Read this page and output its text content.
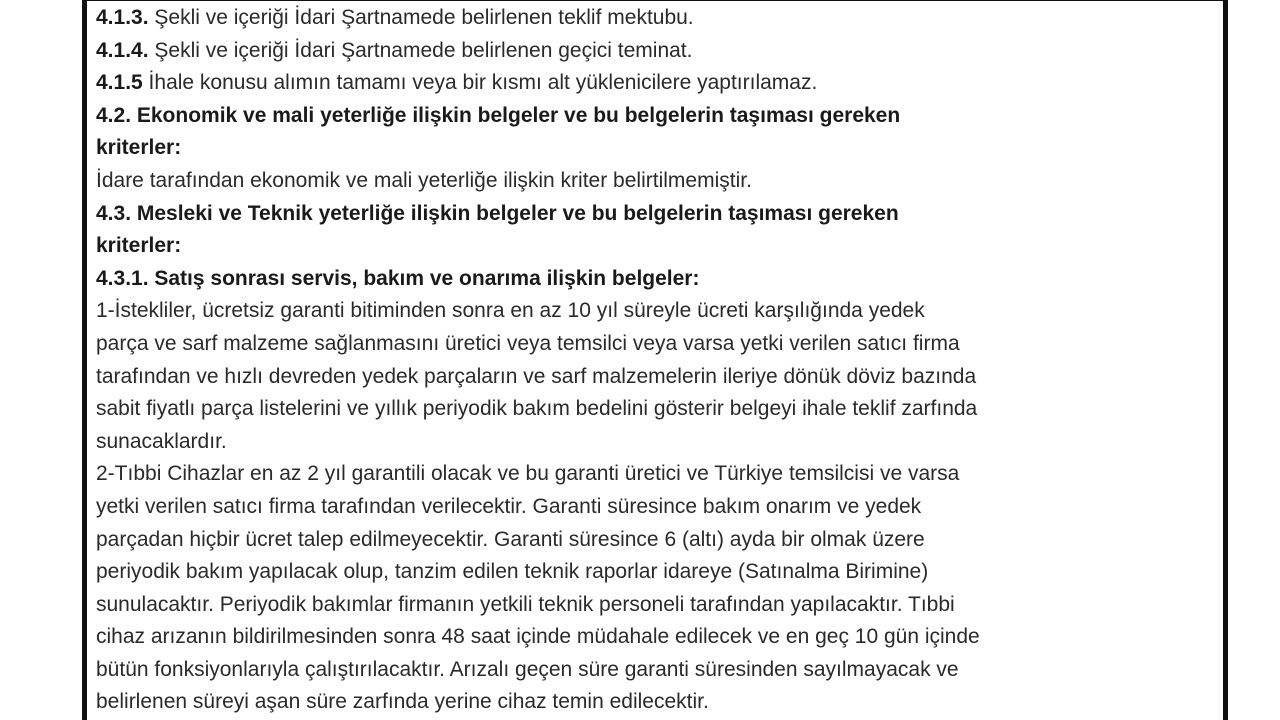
4.1.3. Şekli ve içeriği İdari Şartnamede belirlenen teklif mektubu.
4.1.4. Şekli ve içeriği İdari Şartnamede belirlenen geçici teminat.
4.1.5 İhale konusu alımın tamamı veya bir kısmı alt yüklenicilere yaptırılamaz.
4.2. Ekonomik ve mali yeterliğe ilişkin belgeler ve bu belgelerin taşıması gereken
kriterler:
İdare tarafından ekonomik ve mali yeterliğe ilişkin kriter belirtilmemiştir.
4.3. Mesleki ve Teknik yeterliğe ilişkin belgeler ve bu belgelerin taşıması gereken
kriterler:
4.3.1. Satış sonrası servis, bakım ve onarıma ilişkin belgeler:
1-İstekliler, ücretsiz garanti bitiminden sonra en az 10 yıl süreyle ücreti karşılığında yedek
parça ve sarf malzeme sağlanmasını üretici veya temsilci veya varsa yetki verilen satıcı firma
tarafından ve hızlı devreden yedek parçaların ve sarf malzemelerin ileriye dönük döviz bazında
sabit fiyatlı parça listelerini ve yıllık periyodik bakım bedelini gösterir belgeyi ihale teklif zarfında
sunacaklardır.
2-Tıbbi Cihazlar en az 2 yıl garantili olacak ve bu garanti üretici ve Türkiye temsilcisi ve varsa
yetki verilen satıcı firma tarafından verilecektir. Garanti süresince bakım onarım ve yedek
parçadan hiçbir ücret talep edilmeyecektir. Garanti süresince 6 (altı) ayda bir olmak üzere
periyodik bakım yapılacak olup, tanzim edilen teknik raporlar idareye (Satınalma Birimine)
sunulacaktır. Periyodik bakımlar firmanın yetkili teknik personeli tarafından yapılacaktır. Tıbbi
cihaz arızanın bildirilmesinden sonra 48 saat içinde müdahale edilecek ve en geç 10 gün içinde
bütün fonksiyonlarıyla çalıştırılacaktır. Arızalı geçen süre garanti süresinden sayılmayacak ve
belirlenen süreyi aşan süre zarfında yerine cihaz temin edilecektir.
